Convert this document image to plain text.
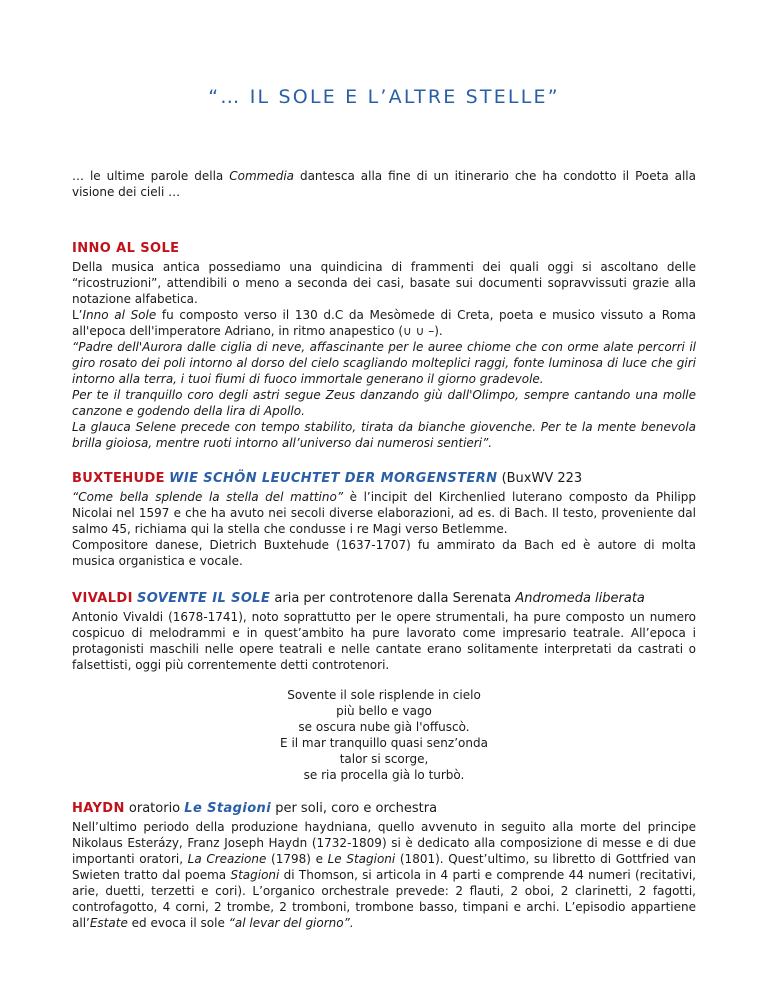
“… IL SOLE E L’ALTRE STELLE”

… le ultime parole della Commedia dantesca alla fine di un itinerario che ha condotto il Poeta alla visione dei cieli …

INNO AL SOLE

Della musica antica possediamo una quindicina di frammenti dei quali oggi si ascoltano delle “ricostruzioni”, attendibili o meno a seconda dei casi, basate sui documenti sopravvissuti grazie alla notazione alfabetica.

L’Inno al Sole fu composto verso il 130 d.C da Mesòmede di Creta, poeta e musico vissuto a Roma all'epoca dell'imperatore Adriano, in ritmo anapestico (∪ ∪ –).

“Padre dell'Aurora dalle ciglia di neve, affascinante per le auree chiome che con orme alate percorri il giro rosato dei poli intorno al dorso del cielo scagliando molteplici raggi, fonte luminosa di luce che giri intorno alla terra, i tuoi fiumi di fuoco immortale generano il giorno gradevole.

Per te il tranquillo coro degli astri segue Zeus danzando giù dall'Olimpo, sempre cantando una molle canzone e godendo della lira di Apollo.

La glauca Selene precede con tempo stabilito, tirata da bianche giovenche. Per te la mente benevola brilla gioiosa, mentre ruoti intorno all’universo dai numerosi sentieri”.

BUXTEHUDE WIE SCHÖN LEUCHTET DER MORGENSTERN (BuxWV 223

“Come bella splende la stella del mattino” è l’incipit del Kirchenlied luterano composto da Philipp Nicolai nel 1597 e che ha avuto nei secoli diverse elaborazioni, ad es. di Bach. Il testo, proveniente dal salmo 45, richiama qui la stella che condusse i re Magi verso Betlemme.

Compositore danese, Dietrich Buxtehude (1637-1707) fu ammirato da Bach ed è autore di molta musica organistica e vocale.

VIVALDI SOVENTE IL SOLE aria per controtenore dalla Serenata Andromeda liberata

Antonio Vivaldi (1678-1741), noto soprattutto per le opere strumentali, ha pure composto un numero cospicuo di melodrammi e in quest’ambito ha pure lavorato come impresario teatrale. All’epoca i protagonisti maschili nelle opere teatrali e nelle cantate erano solitamente interpretati da castrati o falsettisti, oggi più correntemente detti controtenori.

Sovente il sole risplende in cielo
più bello e vago
se oscura nube già l'offuscò.
E il mar tranquillo quasi senz’onda
talor si scorge,
se ria procella già lo turbò.
HAYDN oratorio Le Stagioni per soli, coro e orchestra

Nell’ultimo periodo della produzione haydniana, quello avvenuto in seguito alla morte del principe Nikolaus Esterázy, Franz Joseph Haydn (1732-1809) si è dedicato alla composizione di messe e di due importanti oratori, La Creazione (1798) e Le Stagioni (1801). Quest’ultimo, su libretto di Gottfried van Swieten tratto dal poema Stagioni di Thomson, si articola in 4 parti e comprende 44 numeri (recitativi, arie, duetti, terzetti e cori). L’organico orchestrale prevede: 2 flauti, 2 oboi, 2 clarinetti, 2 fagotti, controfagotto, 4 corni, 2 trombe, 2 tromboni, trombone basso, timpani e archi. L’episodio appartiene all’Estate ed evoca il sole “al levar del giorno”.
